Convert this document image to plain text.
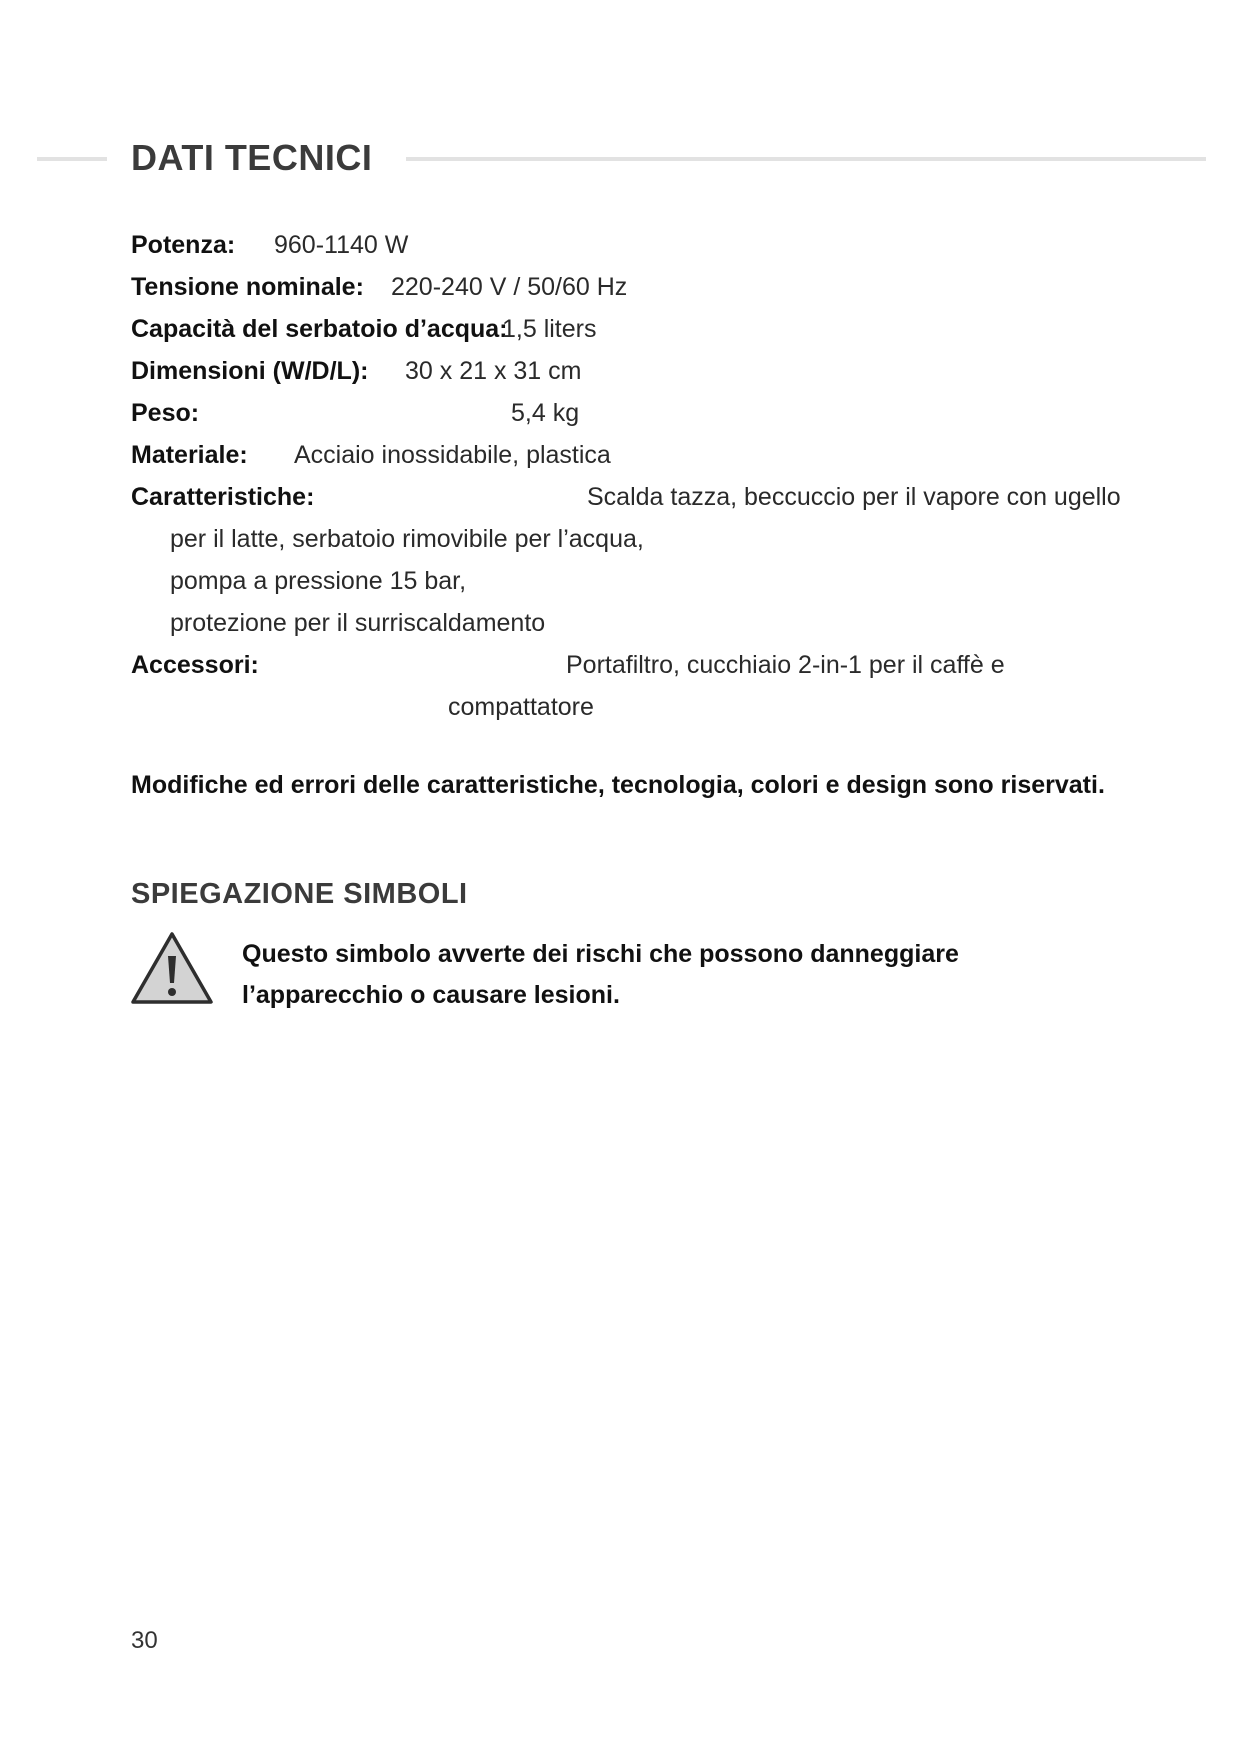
DATI TECNICI
Potenza: 960-1140 W
Tensione nominale: 220-240 V / 50/60 Hz
Capacità del serbatoio d’acqua:
1,5 liters
Dimensioni (W/D/L): 30 x 21 x 31 cm
Peso:	5,4 kg
Materiale: Acciaio inossidabile, plastica
Caratteristiche:	Scalda tazza, beccuccio per il vapore con ugello
per il latte, serbatoio rimovibile per l’acqua,
pompa a pressione 15 bar,
protezione per il surriscaldamento
Accessori:	Portafiltro, cucchiaio 2-in-1 per il caffè e
compattatore

Modifiche ed errori delle caratteristiche, tecnologia, colori e design sono riservati.

SPIEGAZIONE SIMBOLI

Questo simbolo avverte dei rischi che possono danneggiare l’apparecchio o causare lesioni.

30
